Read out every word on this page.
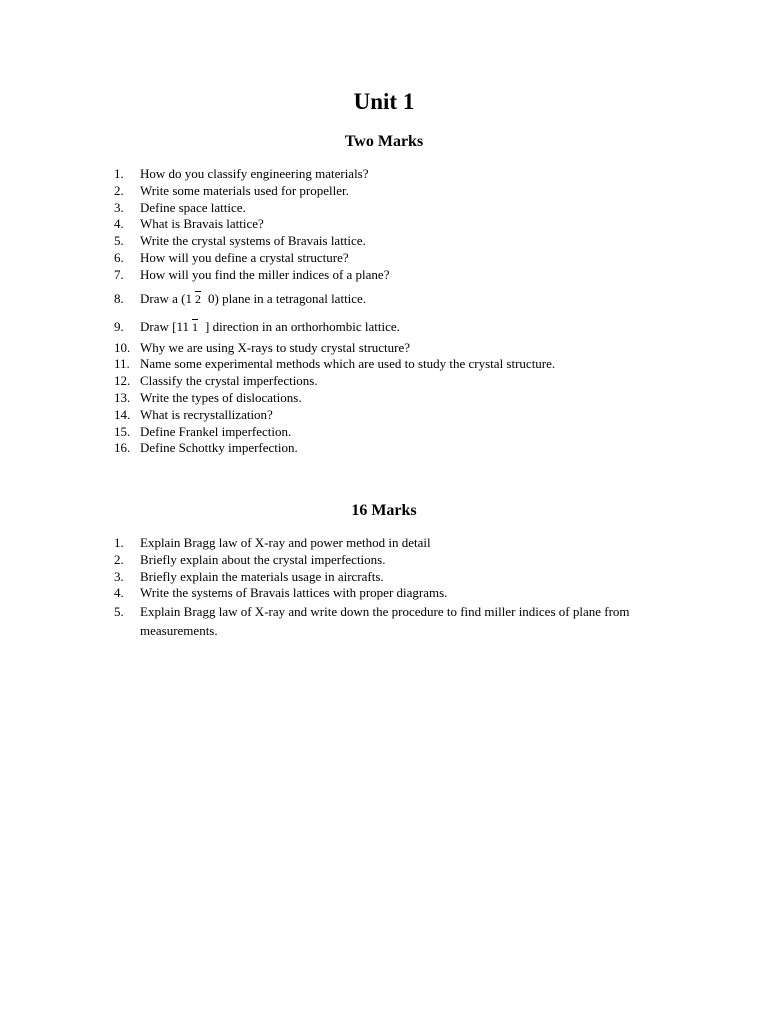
Unit 1
Two Marks
1. How do you classify engineering materials?
2. Write some materials used for propeller.
3. Define space lattice.
4. What is Bravais lattice?
5. Write the crystal systems of Bravais lattice.
6. How will you define a crystal structure?
7. How will you find the miller indices of a plane?
8. Draw a (1 2 0) plane in a tetragonal lattice.
9. Draw [11 1 ] direction in an orthorhombic lattice.
10. Why we are using X-rays to study crystal structure?
11. Name some experimental methods which are used to study the crystal structure.
12. Classify the crystal imperfections.
13. Write the types of dislocations.
14. What is recrystallization?
15. Define Frankel imperfection.
16. Define Schottky imperfection.
16 Marks
1. Explain Bragg law of X-ray and power method in detail
2. Briefly explain about the crystal imperfections.
3. Briefly explain the materials usage in aircrafts.
4. Write the systems of Bravais lattices with proper diagrams.
5. Explain Bragg law of X-ray and write down the procedure to find miller indices of plane from measurements.
